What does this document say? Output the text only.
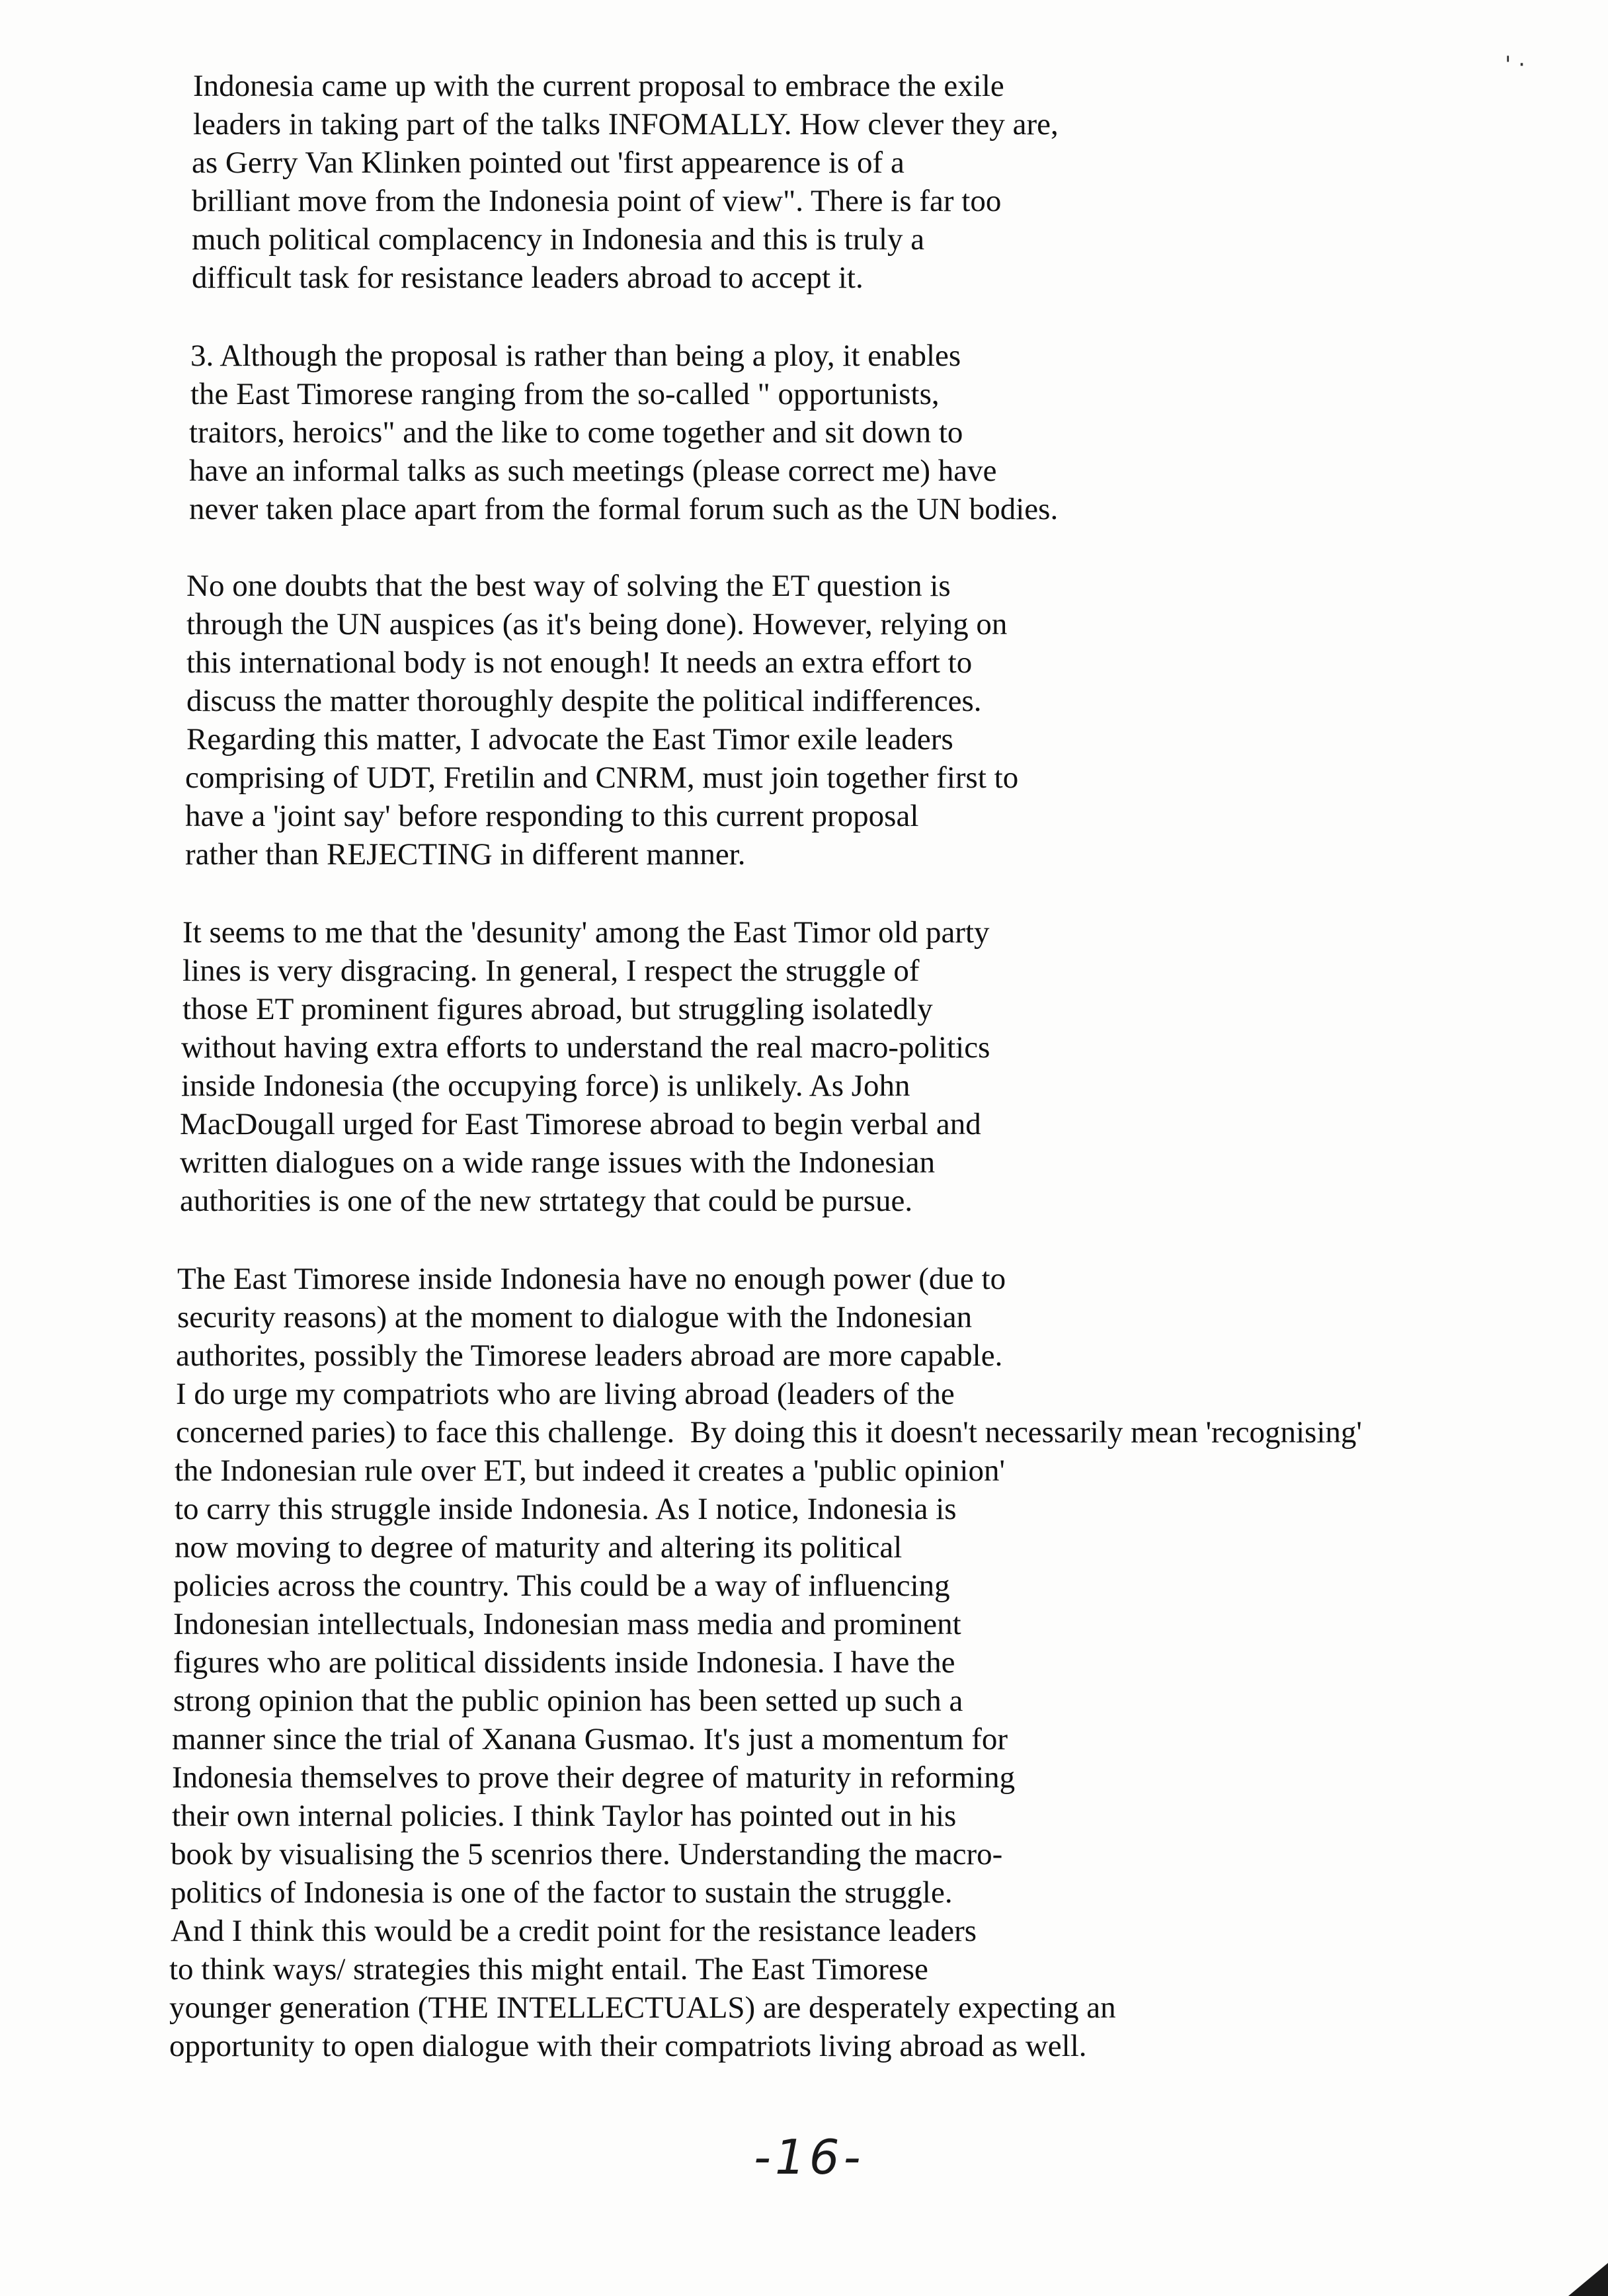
' ·
Indonesia came up with the current proposal to embrace the exile
leaders in taking part of the talks INFOMALLY. How clever they are,
as Gerry Van Klinken pointed out 'first appearence is of a
brilliant move from the Indonesia point of view". There is far too
much political complacency in Indonesia and this is truly a
difficult task for resistance leaders abroad to accept it.
3. Although the proposal is rather than being a ploy, it enables
the East Timorese ranging from the so-called " opportunists,
traitors, heroics" and the like to come together and sit down to
have an informal talks as such meetings (please correct me) have
never taken place apart from the formal forum such as the UN bodies.
No one doubts that the best way of solving the ET question is
through the UN auspices (as it's being done). However, relying on
this international body is not enough! It needs an extra effort to
discuss the matter thoroughly despite the political indifferences.
Regarding this matter, I advocate the East Timor exile leaders
comprising of UDT, Fretilin and CNRM, must join together first to
have a 'joint say' before responding to this current proposal
rather than REJECTING in different manner.
It seems to me that the 'desunity' among the East Timor old party
lines is very disgracing. In general, I respect the struggle of
those ET prominent figures abroad, but struggling isolatedly
without having extra efforts to understand the real macro-politics
inside Indonesia (the occupying force) is unlikely. As John
MacDougall urged for East Timorese abroad to begin verbal and
written dialogues on a wide range issues with the Indonesian
authorities is one of the new strtategy that could be pursue.
The East Timorese inside Indonesia have no enough power (due to
security reasons) at the moment to dialogue with the Indonesian
authorites, possibly the Timorese leaders abroad are more capable.
I do urge my compatriots who are living abroad (leaders of the
concerned paries) to face this challenge.  By doing this it doesn't necessarily mean 'recognising'
the Indonesian rule over ET, but indeed it creates a 'public opinion'
to carry this struggle inside Indonesia. As I notice, Indonesia is
now moving to degree of maturity and altering its political
policies across the country. This could be a way of influencing
Indonesian intellectuals, Indonesian mass media and prominent
figures who are political dissidents inside Indonesia. I have the
strong opinion that the public opinion has been setted up such a
manner since the trial of Xanana Gusmao. It's just a momentum for
Indonesia themselves to prove their degree of maturity in reforming
their own internal policies. I think Taylor has pointed out in his
book by visualising the 5 scenrios there. Understanding the macro-
politics of Indonesia is one of the factor to sustain the struggle.
And I think this would be a credit point for the resistance leaders
to think ways/ strategies this might entail. The East Timorese
younger generation (THE INTELLECTUALS) are desperately expecting an
opportunity to open dialogue with their compatriots living abroad as well.
-16-
